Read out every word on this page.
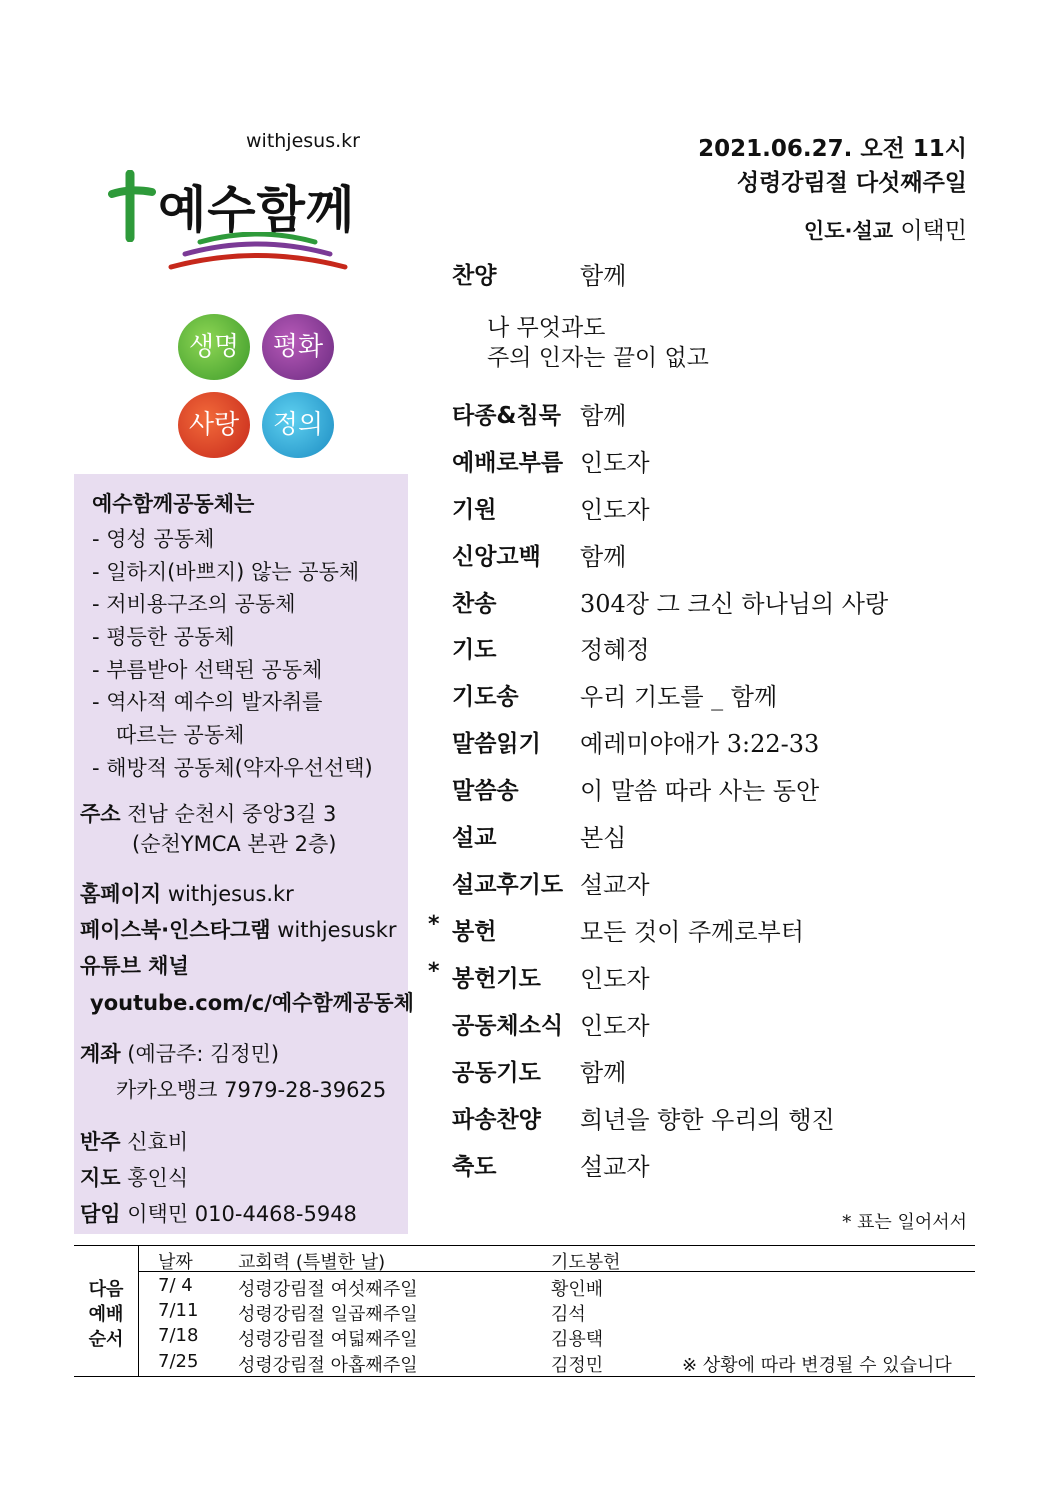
withjesus.kr
예수함께
생명	평화
사랑	정의
예수함께공동체는
- 영성 공동체
- 일하지(바쁘지) 않는 공동체
- 저비용구조의 공동체
- 평등한 공동체
- 부름받아 선택된 공동체
- 역사적 예수의 발자취를
따르는 공동체
- 해방적 공동체(약자우선선택)
주소 전남 순천시 중앙3길 3
(순천YMCA 본관 2층)
홈페이지 withjesus.kr
페이스북·인스타그램 withjesuskr
유튜브 채널
youtube.com/c/예수함께공동체
계좌 (예금주: 김정민)
카카오뱅크 7979-28-39625
반주 신효비
지도 홍인식
담임 이택민 010-4468-5948
2021.06.27. 오전 11시
성령강림절 다섯째주일
인도·설교 이택민
찬양	함께
나 무엇과도
주의 인자는 끝이 없고
타종&침묵 함께
예배로부름 인도자
기원	인도자
신앙고백 함께
찬송	304장 그 크신 하나님의 사랑
기도	정혜정
기도송	우리 기도를 _ 함께
말씀읽기 예레미야애가 3:22-33
말씀송	이 말씀 따라 사는 동안
설교	본심
설교후기도 설교자
* 봉헌	모든 것이 주께로부터
* 봉헌기도 인도자
공동체소식 인도자
공동기도 함께
파송찬양 희년을 향한 우리의 행진
축도	설교자
* 표는 일어서서
다음
예배
순서
날짜	교회력 (특별한 날)	기도봉헌
7/ 4	성령강림절 여섯째주일	황인배
7/11 성령강림절 일곱째주일	김석
7/18 성령강림절 여덟째주일	김용택
7/25 성령강림절 아홉째주일	김정민	※ 상황에 따라 변경될 수 있습니다
